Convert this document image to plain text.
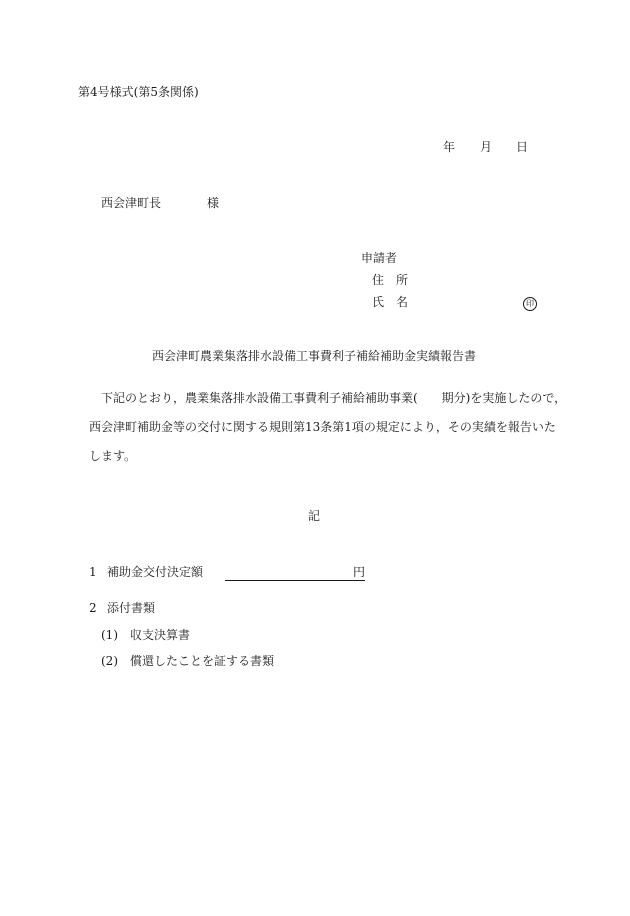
第4号様式(第5条関係)
年 月 日
西会津町長	様
申請者
住　所
氏　名	印
西会津町農業集落排水設備工事費利子補給補助金実績報告書
下記のとおり，農業集落排水設備工事費利子補給補助事業(　　期分)を実施したので，
西会津町補助金等の交付に関する規則第13条第1項の規定により，その実績を報告いた
します。
記
1 補助金交付決定額	円
2 添付書類
(1) 収支決算書
(2) 償還したことを証する書類
